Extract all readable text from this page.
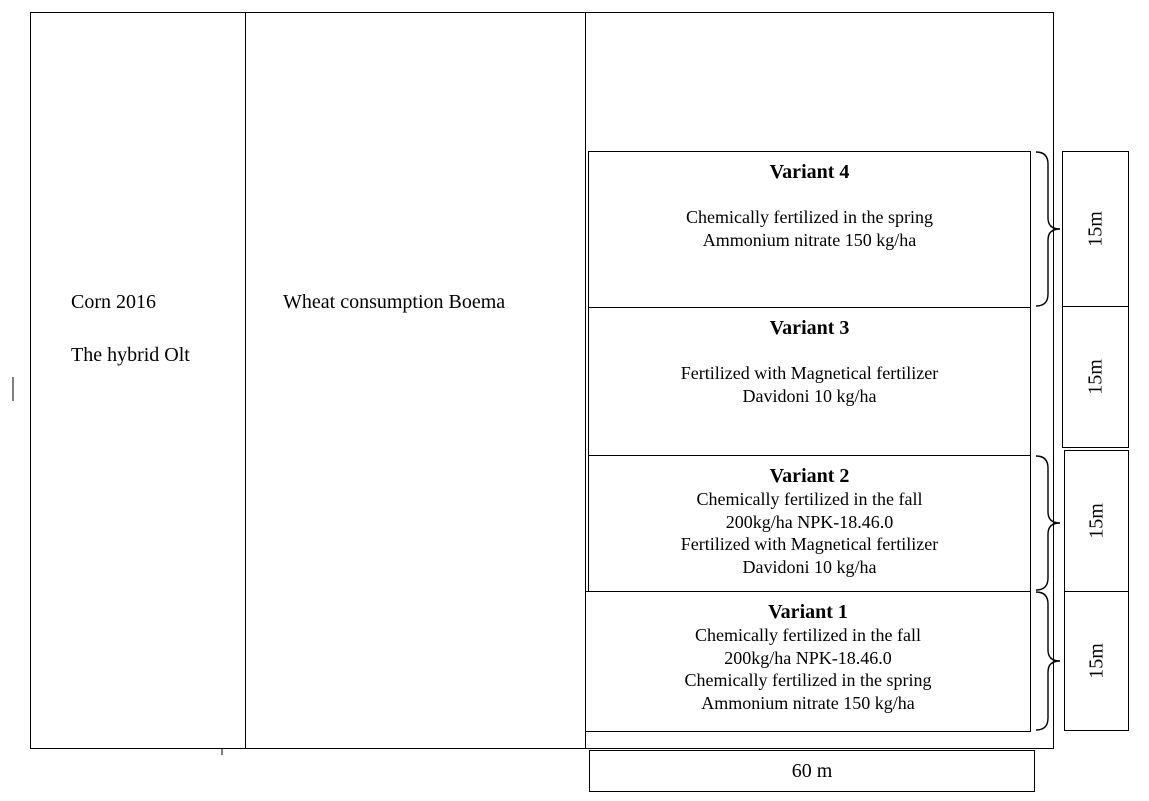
Corn 2016
The hybrid Olt
Wheat consumption Boema
Variant 4
Chemically fertilized in the spring
Ammonium nitrate 150 kg/ha
Variant 3
Fertilized with Magnetical fertilizer
Davidoni 10 kg/ha
Variant 2
Chemically fertilized in the fall
200kg/ha NPK-18.46.0
Fertilized with Magnetical fertilizer
Davidoni 10 kg/ha
Variant 1
Chemically fertilized in the fall
200kg/ha NPK-18.46.0
Chemically fertilized in the spring
Ammonium nitrate 150 kg/ha
15m
15m
15m
15m
60 m
